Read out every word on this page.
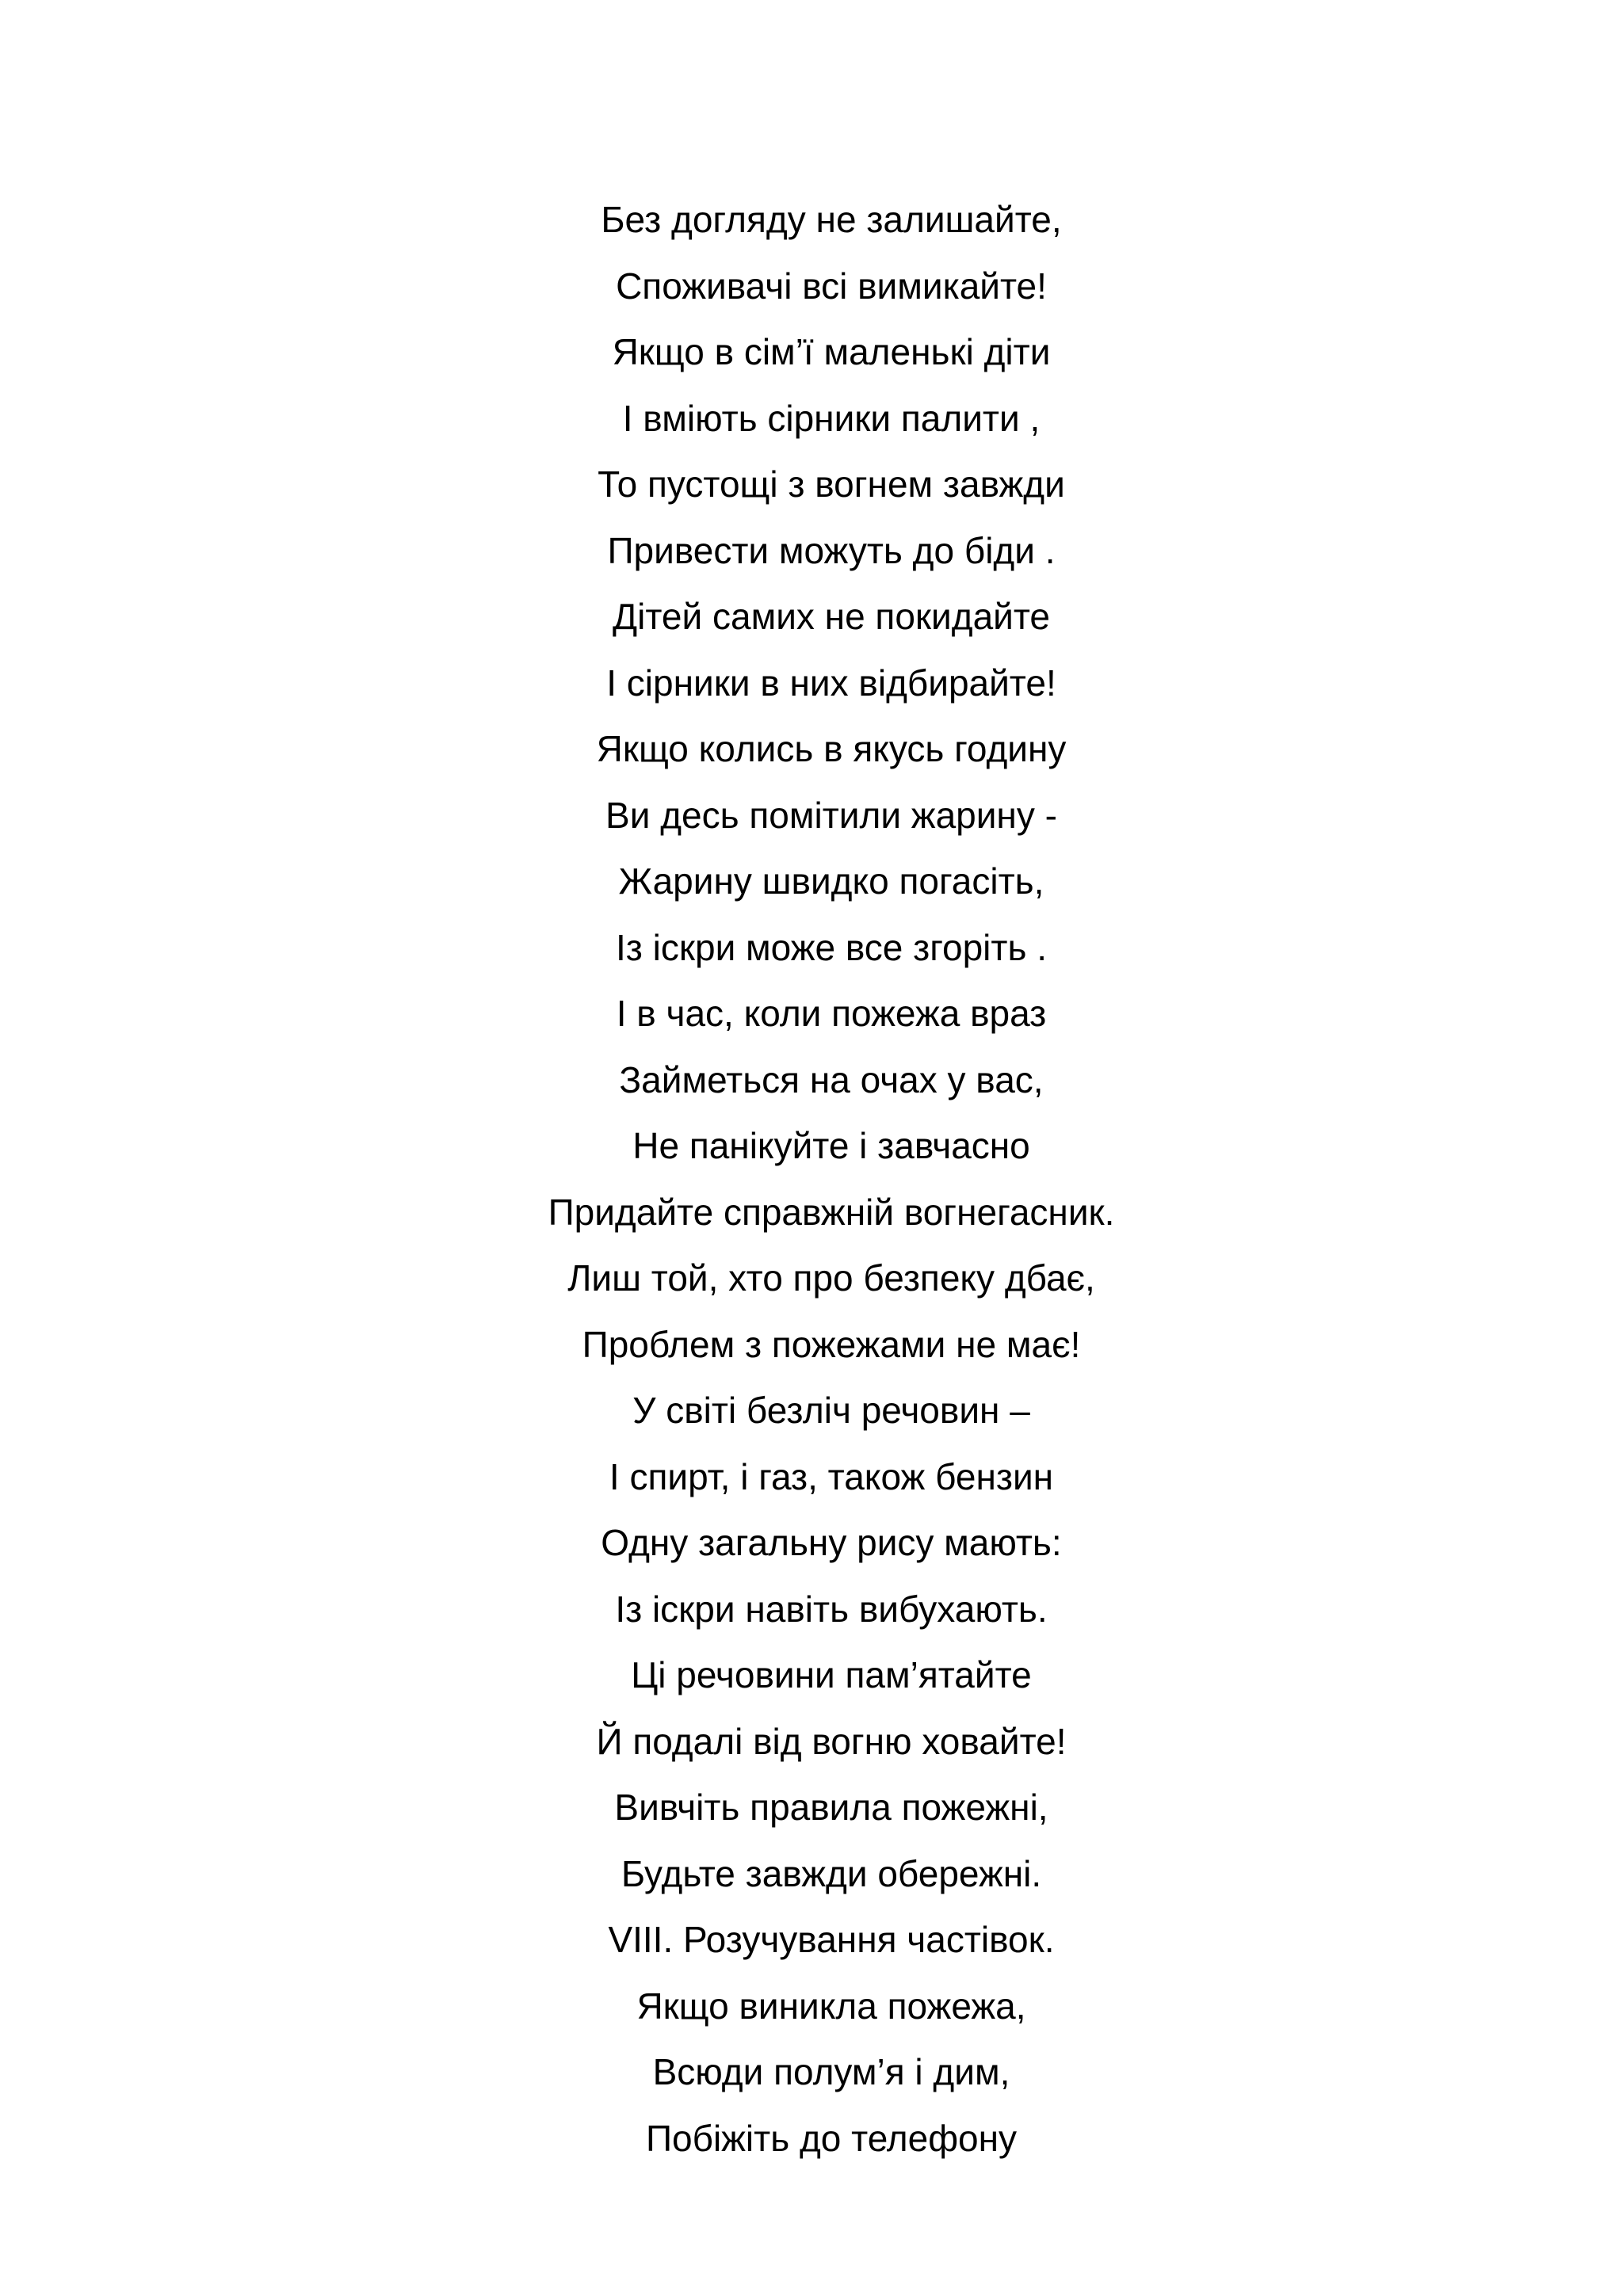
Без догляду не залишайте,
Споживачі всі вимикайте!
Якщо в сім’ї маленькі діти
І вміють сірники палити ,
То пустощі з вогнем завжди
Привести можуть до біди .
Дітей самих не покидайте
І сірники в них відбирайте!
Якщо колись в якусь годину
Ви десь помітили жарину -
Жарину швидко погасіть,
Із іскри може все згоріть .
І в час, коли пожежа враз
Займеться на очах у вас,
Не панікуйте і завчасно
Придайте справжній вогнегасник.
Лиш той, хто про безпеку дбає,
Проблем з пожежами не має!
У світі безліч речовин –
І спирт, і газ, також бензин
Одну загальну рису мають:
Із іскри навіть вибухають.
Ці речовини пам’ятайте
Й подалі від вогню ховайте!
Вивчіть правила пожежні,
Будьте завжди обережні.
VIII. Розучування частівок.
Якщо виникла пожежа,
Всюди полум’я і дим,
Побіжіть до телефону
